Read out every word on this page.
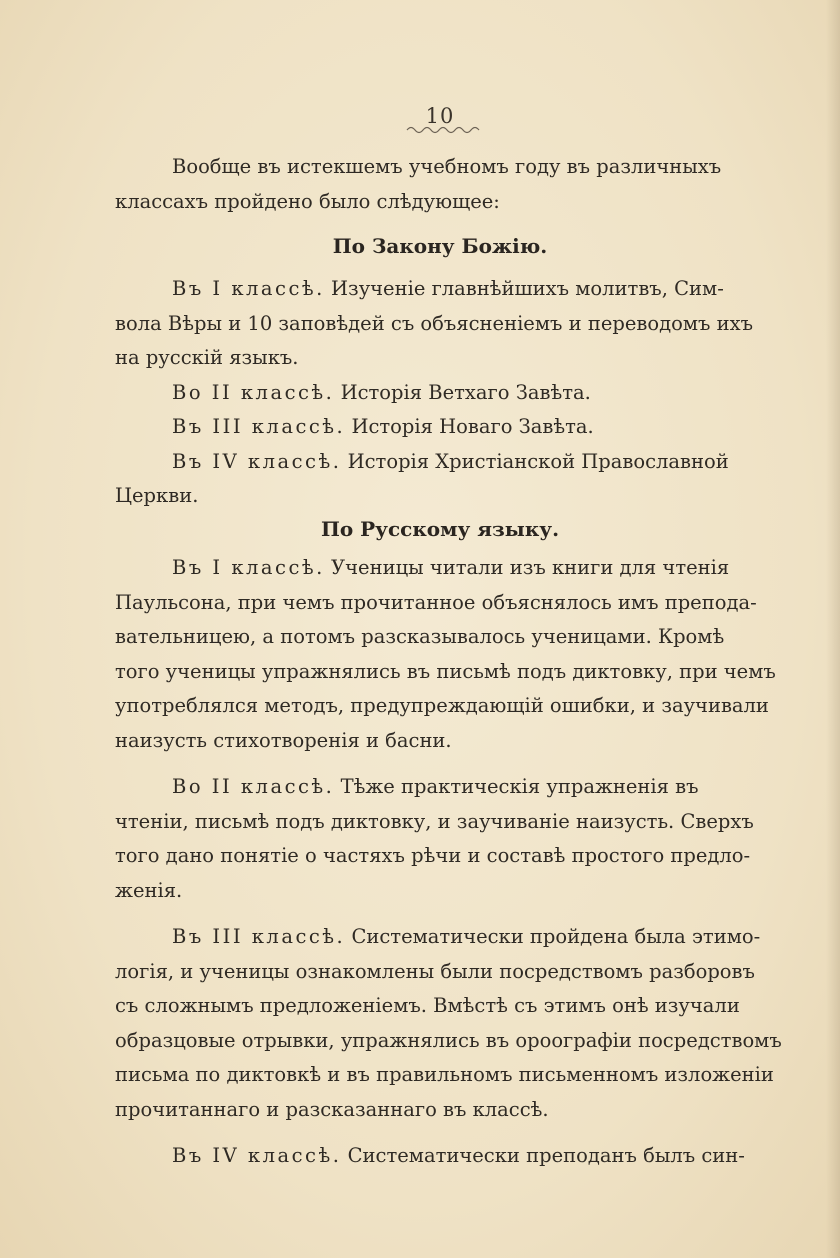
10

Вообще въ истекшемъ учебномъ году въ различныхъ
классахъ пройдено было слѣдующее:

По Закону Божію.

Въ I классѣ. Изученіе главнѣйшихъ молитвъ, Сим-
вола Вѣры и 10 заповѣдей съ объясненіемъ и переводомъ ихъ
на русскій языкъ.

Во II классѣ. Исторія Ветхаго Завѣта.

Въ III классѣ. Исторія Новаго Завѣта.

Въ IV классѣ. Исторія Христіанской Православной
Церкви.

По Русскому языку.

Въ I классѣ. Ученицы читали изъ книги для чтенія
Паульсона, при чемъ прочитанное объяснялось имъ препода-
вательницею, а потомъ разсказывалось ученицами. Кромѣ
того ученицы упражнялись въ письмѣ подъ диктовку, при чемъ
употреблялся методъ, предупреждающій ошибки, и заучивали
наизусть стихотворенія и басни.

Во II классѣ. Тѣже практическія упражненія въ
чтеніи, письмѣ подъ диктовку, и заучиваніе наизусть. Сверхъ
того дано понятіе о частяхъ рѣчи и составѣ простого предло-
женія.

Въ III классѣ. Систематически пройдена была этимо-
логія, и ученицы ознакомлены были посредствомъ разборовъ
съ сложнымъ предложеніемъ. Вмѣстѣ съ этимъ онѣ изучали
образцовые отрывки, упражнялись въ ороографіи посредствомъ
письма по диктовкѣ и въ правильномъ письменномъ изложеніи
прочитаннаго и разсказаннаго въ классѣ.

Въ IV классѣ. Систематически преподанъ былъ син-
